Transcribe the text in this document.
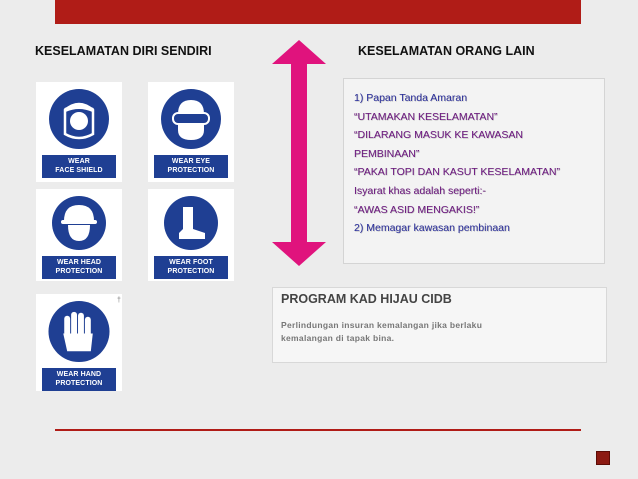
KESELAMATAN DIRI SENDIRI	KESELAMATAN ORANG LAIN
WEAR
FACE SHIELD
WEAR EYE
PROTECTION
WEAR HEAD
PROTECTION
WEAR FOOT
PROTECTION
WEAR HAND
PROTECTION
†
1) Papan Tanda Amaran
“UTAMAKAN KESELAMATAN”
“DILARANG MASUK KE KAWASAN
PEMBINAAN”
“PAKAI TOPI DAN KASUT KESELAMATAN”
Isyarat khas adalah seperti:-
“AWAS ASID MENGAKIS!”
2) Memagar kawasan pembinaan
PROGRAM KAD HIJAU CIDB
Perlindungan insuran kemalangan jika berlaku
kemalangan di tapak bina.
